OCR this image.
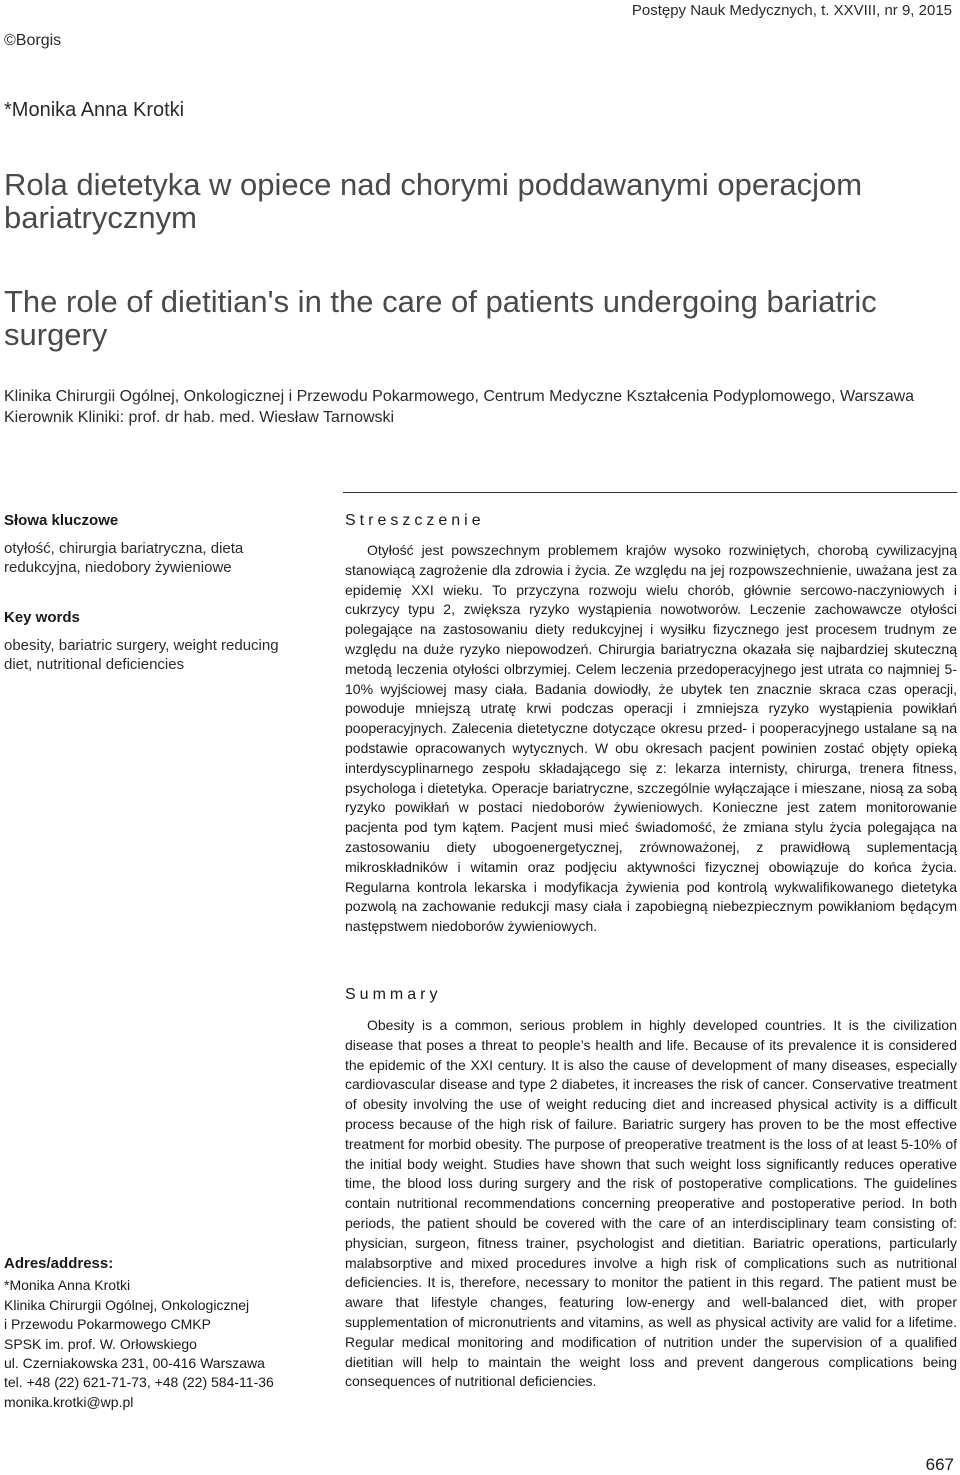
Postępy Nauk Medycznych, t. XXVIII, nr 9, 2015
©Borgis
*Monika Anna Krotki
Rola dietetyka w opiece nad chorymi poddawanymi operacjom bariatrycznym
The role of dietitian's in the care of patients undergoing bariatric surgery
Klinika Chirurgii Ogólnej, Onkologicznej i Przewodu Pokarmowego, Centrum Medyczne Kształcenia Podyplomowego, Warszawa
Kierownik Kliniki: prof. dr hab. med. Wiesław Tarnowski
Słowa kluczowe
otyłość, chirurgia bariatryczna, dieta redukcyjna, niedobory żywieniowe
Key words
obesity, bariatric surgery, weight reducing diet, nutritional deficiencies
Streszczenie

Otyłość jest powszechnym problemem krajów wysoko rozwiniętych, chorobą cywilizacyjną stanowiącą zagrożenie dla zdrowia i życia. Ze względu na jej rozpowszechnienie, uważana jest za epidemię XXI wieku. To przyczyna rozwoju wielu chorób, głównie sercowo-naczyniowych i cukrzycy typu 2, zwiększa ryzyko wystąpienia nowotworów. Leczenie zachowawcze otyłości polegające na zastosowaniu diety redukcyjnej i wysiłku fizycznego jest procesem trudnym ze względu na duże ryzyko niepowodzeń. Chirurgia bariatryczna okazała się najbardziej skuteczną metodą leczenia otyłości olbrzymiej. Celem leczenia przedoperacyjnego jest utrata co najmniej 5-10% wyjściowej masy ciała. Badania dowiodły, że ubytek ten znacznie skraca czas operacji, powoduje mniejszą utratę krwi podczas operacji i zmniejsza ryzyko wystąpienia powikłań pooperacyjnych. Zalecenia dietetyczne dotyczące okresu przed- i pooperacyjnego ustalane są na podstawie opracowanych wytycznych. W obu okresach pacjent powinien zostać objęty opieką interdyscyplinarnego zespołu składającego się z: lekarza internisty, chirurga, trenera fitness, psychologa i dietetyka. Operacje bariatryczne, szczególnie wyłączające i mieszane, niosą za sobą ryzyko powikłań w postaci niedoborów żywieniowych. Konieczne jest zatem monitorowanie pacjenta pod tym kątem. Pacjent musi mieć świadomość, że zmiana stylu życia polegająca na zastosowaniu diety ubogoenergetycznej, zrównoważonej, z prawidłową suplementacją mikroskładników i witamin oraz podjęciu aktywności fizycznej obowiązuje do końca życia. Regularna kontrola lekarska i modyfikacja żywienia pod kontrolą wykwalifikowanego dietetyka pozwolą na zachowanie redukcji masy ciała i zapobiegną niebezpiecznym powikłaniom będącym następstwem niedoborów żywieniowych.

Summary

Obesity is a common, serious problem in highly developed countries. It is the civilization disease that poses a threat to people’s health and life. Because of its prevalence it is considered the epidemic of the XXI century. It is also the cause of development of many diseases, especially cardiovascular disease and type 2 diabetes, it increases the risk of cancer. Conservative treatment of obesity involving the use of weight reducing diet and increased physical activity is a difficult process because of the high risk of failure. Bariatric surgery has proven to be the most effective treatment for morbid obesity. The purpose of preoperative treatment is the loss of at least 5-10% of the initial body weight. Studies have shown that such weight loss significantly reduces operative time, the blood loss during surgery and the risk of postoperative complications. The guidelines contain nutritional recommendations concerning preoperative and postoperative period. In both periods, the patient should be covered with the care of an interdisciplinary team consisting of: physician, surgeon, fitness trainer, psychologist and dietitian. Bariatric operations, particularly malabsorptive and mixed procedures involve a high risk of complications such as nutritional deficiencies. It is, therefore, necessary to monitor the patient in this regard. The patient must be aware that lifestyle changes, featuring low-energy and well-balanced diet, with proper supplementation of micronutrients and vitamins, as well as physical activity are valid for a lifetime. Regular medical monitoring and modification of nutrition under the supervision of a qualified dietitian will help to maintain the weight loss and prevent dangerous complications being consequences of nutritional deficiencies.

Adres/address:
*Monika Anna Krotki
Klinika Chirurgii Ogólnej, Onkologicznej
i Przewodu Pokarmowego CMKP
SPSK im. prof. W. Orłowskiego
ul. Czerniakowska 231, 00-416 Warszawa
tel. +48 (22) 621-71-73, +48 (22) 584-11-36
monika.krotki@wp.pl
667
